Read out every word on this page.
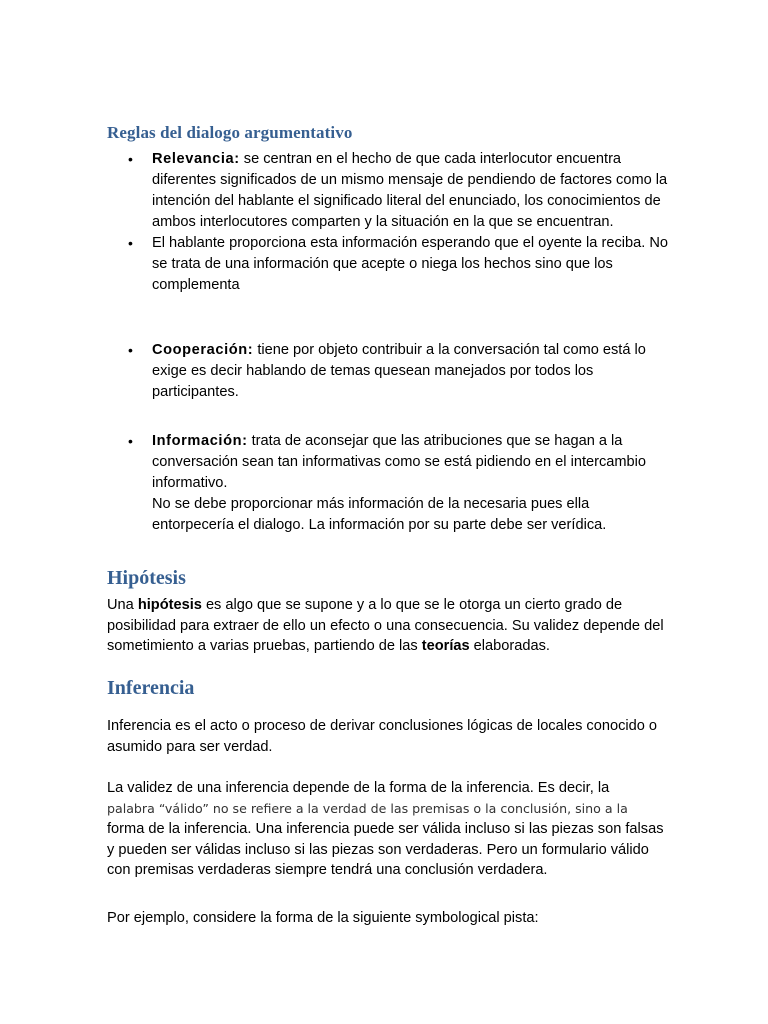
Reglas del dialogo argumentativo
• Relevancia: se centran en el hecho de que cada interlocutor encuentra diferentes significados de un mismo mensaje de pendiendo de factores como la intención del hablante el significado literal del enunciado, los conocimientos de ambos interlocutores comparten y la situación en la que se encuentran.
• El hablante proporciona esta información esperando que el oyente la reciba. No se trata de una información que acepte o niega los hechos sino que los complementa
• Cooperación: tiene por objeto contribuir a la conversación tal como está lo exige es decir hablando de temas quesean manejados por todos los participantes.
• Información: trata de aconsejar que las atribuciones que se hagan a la conversación sean tan informativas como se está pidiendo en el intercambio informativo.
No se debe proporcionar más información de la necesaria pues ella entorpecería el dialogo. La información por su parte debe ser verídica.
Hipótesis

Una hipótesis es algo que se supone y a lo que se le otorga un cierto grado de posibilidad para extraer de ello un efecto o una consecuencia. Su validez depende del sometimiento a varias pruebas, partiendo de las teorías elaboradas.

Inferencia

Inferencia es el acto o proceso de derivar conclusiones lógicas de locales conocido o asumido para ser verdad.

La validez de una inferencia depende de la forma de la inferencia. Es decir, la
palabra “válido” no se refiere a la verdad de las premisas o la conclusión, sino a la
forma de la inferencia. Una inferencia puede ser válida incluso si las piezas son falsas y pueden ser válidas incluso si las piezas son verdaderas. Pero un formulario válido con premisas verdaderas siempre tendrá una conclusión verdadera.

Por ejemplo, considere la forma de la siguiente symbological pista:
